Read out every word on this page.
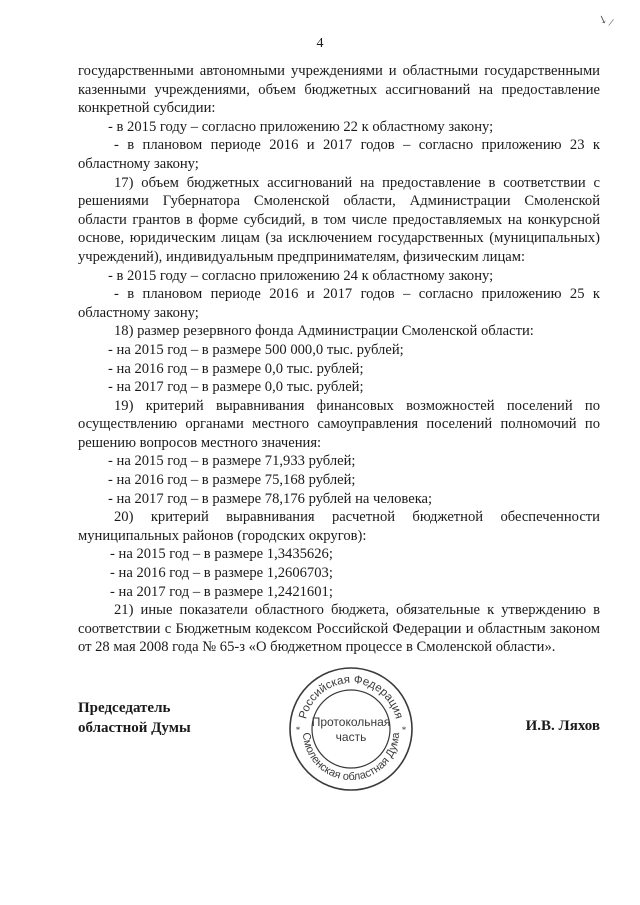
4
↘ /

государственными автономными учреждениями и областными государственными казенными учреждениями, объем бюджетных ассигнований на предоставление конкретной субсидии:

- в 2015 году – согласно приложению 22 к областному закону;

- в плановом периоде 2016 и 2017 годов – согласно приложению 23 к областному закону;

17) объем бюджетных ассигнований на предоставление в соответствии с решениями Губернатора Смоленской области, Администрации Смоленской области грантов в форме субсидий, в том числе предоставляемых на конкурсной основе, юридическим лицам (за исключением государственных (муниципальных) учреждений), индивидуальным предпринимателям, физическим лицам:

- в 2015 году – согласно приложению 24 к областному закону;

- в плановом периоде 2016 и 2017 годов – согласно приложению 25 к областному закону;

18) размер резервного фонда Администрации Смоленской области:

- на 2015 год – в размере 500 000,0 тыс. рублей;

- на 2016 год – в размере 0,0 тыс. рублей;

- на 2017 год – в размере 0,0 тыс. рублей;

19) критерий выравнивания финансовых возможностей поселений по осуществлению органами местного самоуправления поселений полномочий по решению вопросов местного значения:

- на 2015 год – в размере 71,933 рублей;

- на 2016 год – в размере 75,168 рублей;

- на 2017 год – в размере 78,176 рублей на человека;

20) критерий выравнивания расчетной бюджетной обеспеченности муниципальных районов (городских округов):

- на 2015 год – в размере 1,3435626;

- на 2016 год – в размере 1,2606703;

- на 2017 год – в размере 1,2421601;

21) иные показатели областного бюджета, обязательные к утверждению в соответствии с Бюджетным кодексом Российской Федерации и областным законом от 28 мая 2008 года № 65-з «О бюджетном процессе в Смоленской области».

Председатель
областной Думы
Российская Федерация
Смоленская областная Дума
*	*
Протокольная
часть
И.В. Ляхов
